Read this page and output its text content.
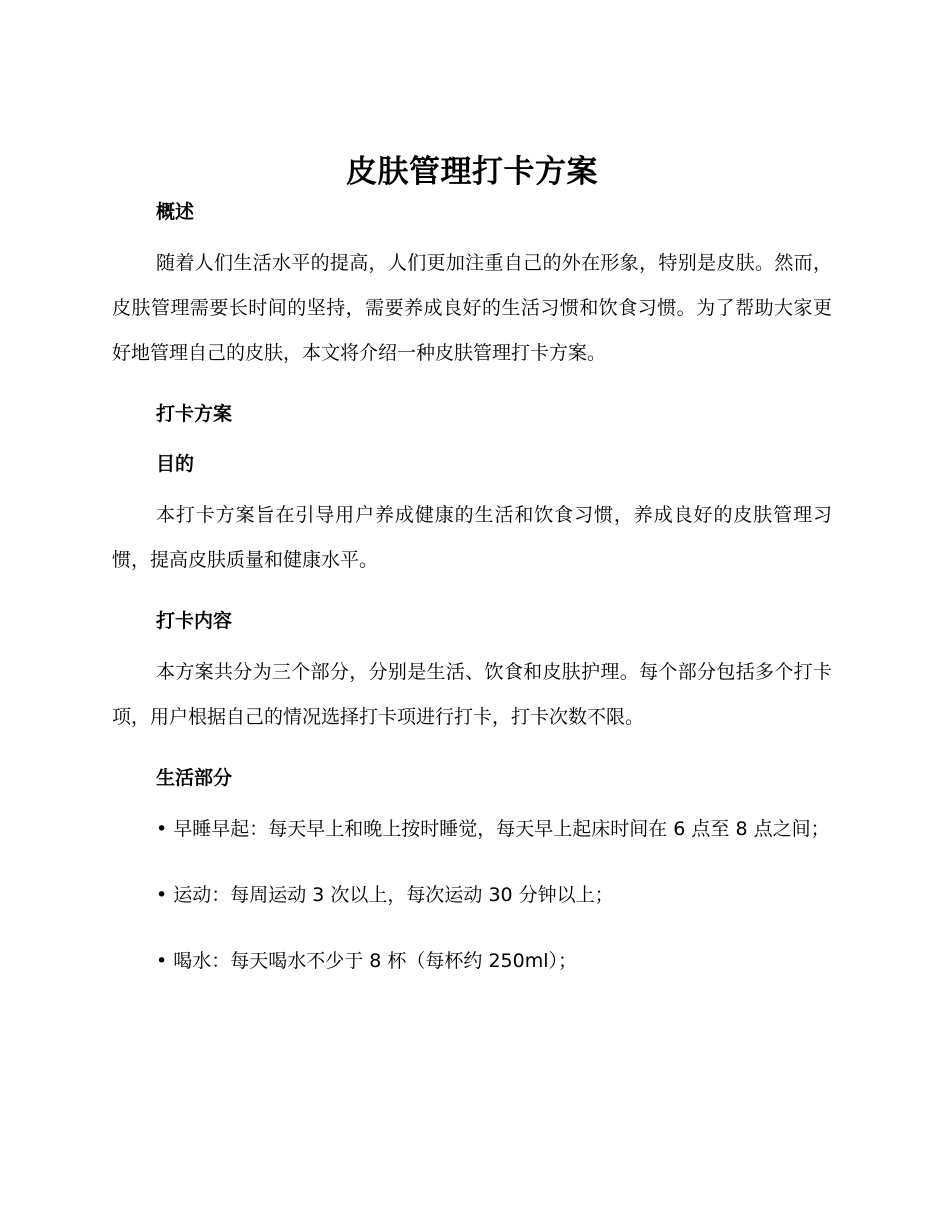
皮肤管理打卡方案
概述

随着人们生活水平的提高，人们更加注重自己的外在形象，特别是皮肤。然而，皮肤管理需要长时间的坚持，需要养成良好的生活习惯和饮食习惯。为了帮助大家更好地管理自己的皮肤，本文将介绍一种皮肤管理打卡方案。

打卡方案
目的

本打卡方案旨在引导用户养成健康的生活和饮食习惯，养成良好的皮肤管理习惯，提高皮肤质量和健康水平。

打卡内容

本方案共分为三个部分，分别是生活、饮食和皮肤护理。每个部分包括多个打卡项，用户根据自己的情况选择打卡项进行打卡，打卡次数不限。

生活部分

• 早睡早起：每天早上和晚上按时睡觉，每天早上起床时间在 6 点至 8 点之间；

• 运动：每周运动 3 次以上，每次运动 30 分钟以上；

• 喝水：每天喝水不少于 8 杯（每杯约 250ml）；
